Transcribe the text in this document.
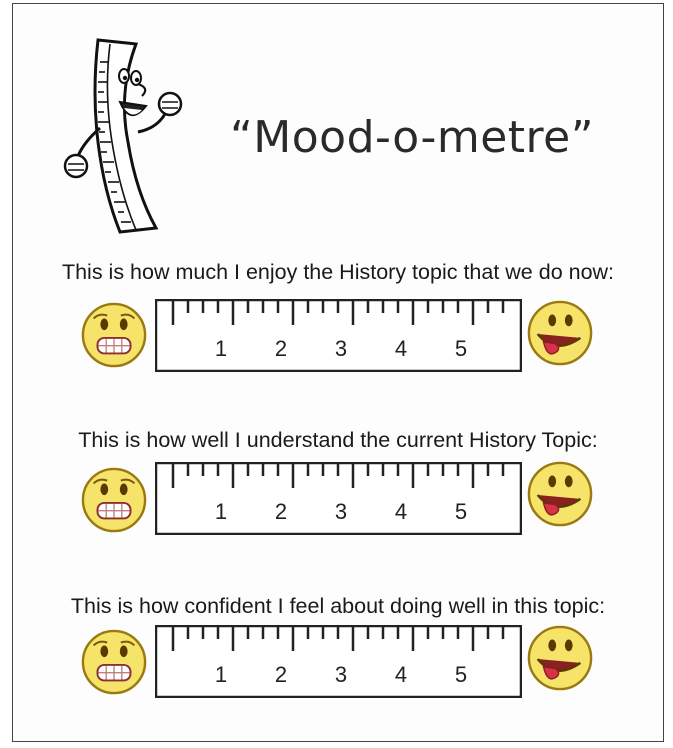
“Mood-o-metre”
This is how much I enjoy the History topic that we do now:
1 2 3 4 5
This is how well I understand the current History Topic:
1 2 3 4 5
This is how confident I feel about doing well in this topic:
1 2 3 4 5
